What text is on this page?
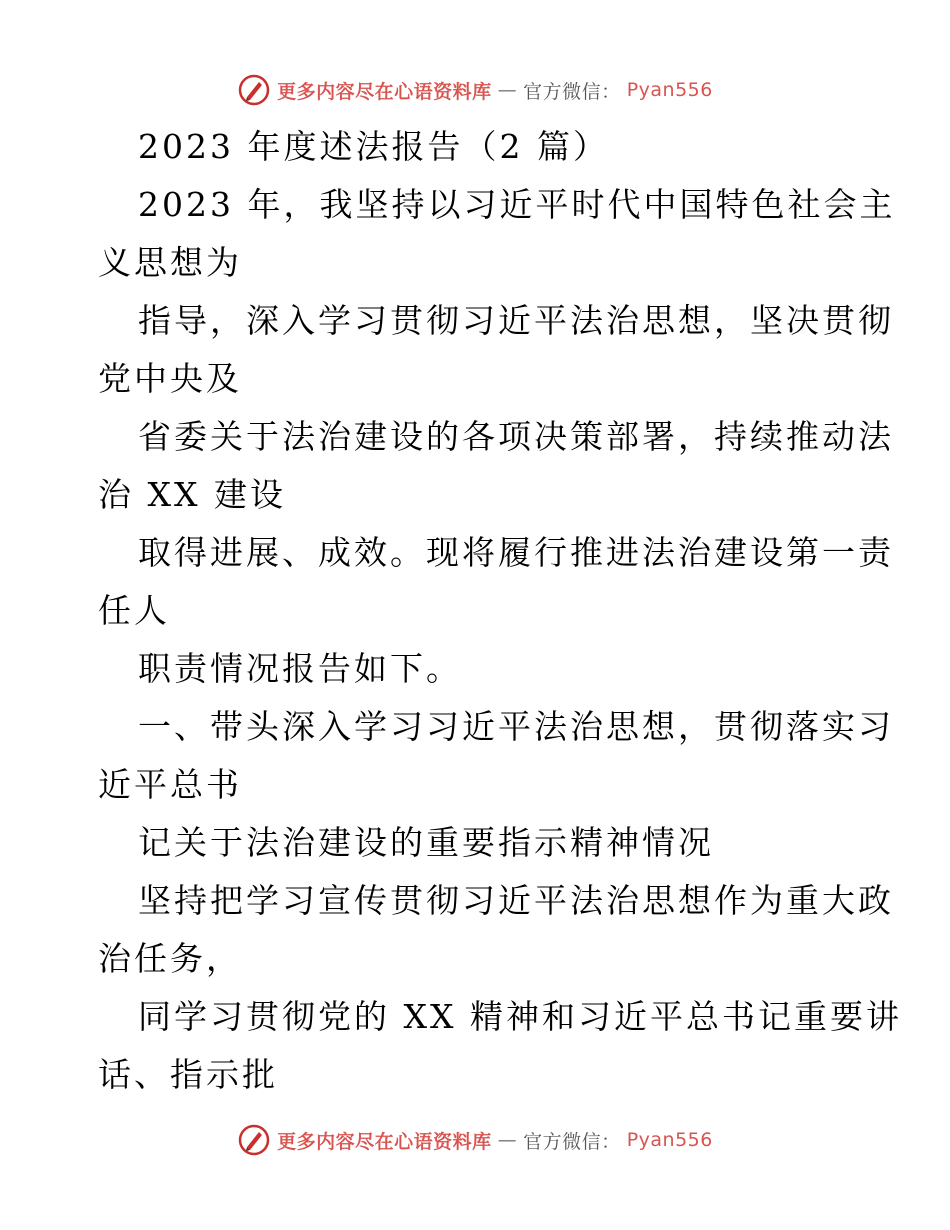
更多内容尽在心语资料库 — 官方微信： Pyan556
2023 年度述法报告（2 篇）
2023 年，我坚持以习近平时代中国特色社会主
义思想为
指导，深入学习贯彻习近平法治思想，坚决贯彻
党中央及
省委关于法治建设的各项决策部署，持续推动法
治 XX 建设
取得进展、成效。现将履行推进法治建设第一责
任人
职责情况报告如下。
一、带头深入学习习近平法治思想，贯彻落实习
近平总书
记关于法治建设的重要指示精神情况
坚持把学习宣传贯彻习近平法治思想作为重大政
治任务，
同学习贯彻党的 XX 精神和习近平总书记重要讲
话、指示批
更多内容尽在心语资料库 — 官方微信： Pyan556
